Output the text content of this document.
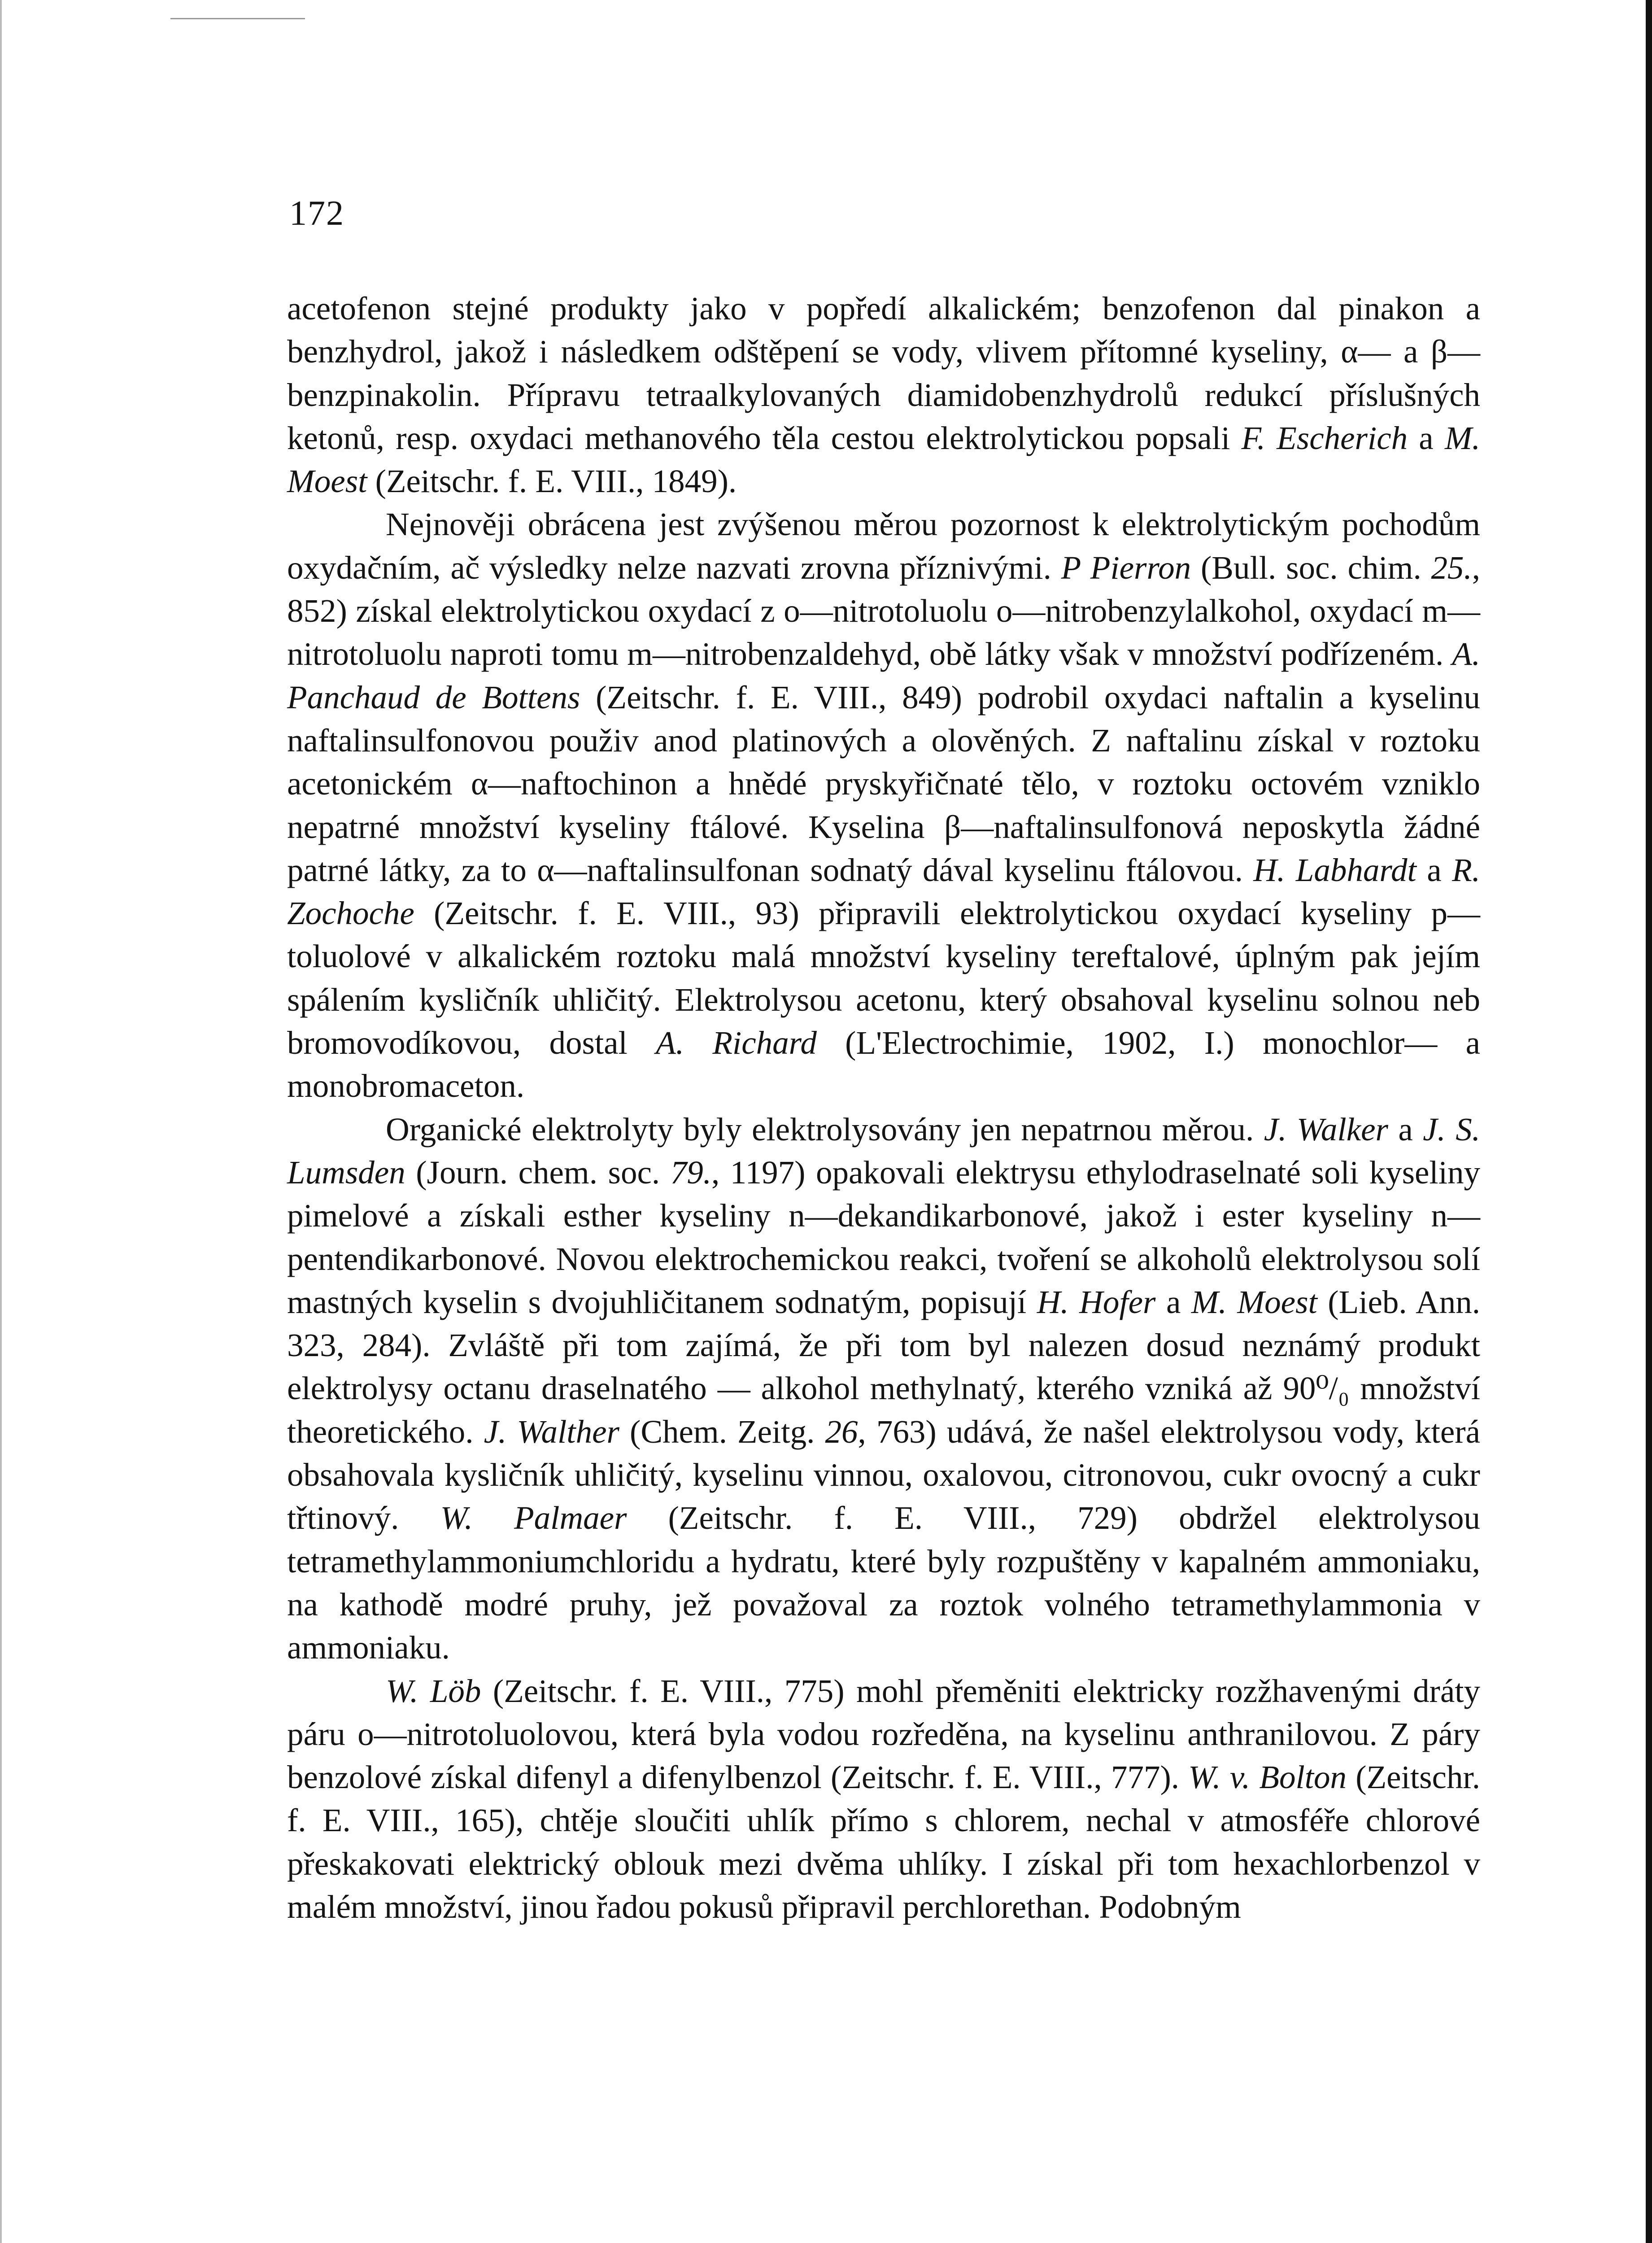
172

acetofenon stejné produkty jako v popředí alkalickém; benzofenon dal pinakon a benzhydrol, jakož i následkem odštěpení se vody, vlivem přítomné kyseliny, α— a β—benzpinakolin. Přípravu tetraalkylovaných diamidobenzhydrolů redukcí příslušných ketonů, resp. oxydaci methanového těla cestou elektrolytickou popsali F. Escherich a M. Moest (Zeitschr. f. E. VIII., 1849).

Nejnověji obrácena jest zvýšenou měrou pozornost k elektrolytickým pochodům oxydačním, ač výsledky nelze nazvati zrovna příznivými. P Pierron (Bull. soc. chim. 25., 852) získal elektrolytickou oxydací z o—nitrotoluolu o—nitrobenzylalkohol, oxydací m—nitrotoluolu naproti tomu m—nitrobenzaldehyd, obě látky však v množství podřízeném. A. Panchaud de Bottens (Zeitschr. f. E. VIII., 849) podrobil oxydaci naftalin a kyselinu naftalinsulfonovou použiv anod platinových a olověných. Z naftalinu získal v roztoku acetonickém α—naftochinon a hnědé pryskyřičnaté tělo, v roztoku octovém vzniklo nepatrné množství kyseliny ftálové. Kyselina β—naftalinsulfonová neposkytla žádné patrné látky, za to α—naftalinsulfonan sodnatý dával kyselinu ftálovou. H. Labhardt a R. Zochoche (Zeitschr. f. E. VIII., 93) připravili elektrolytickou oxydací kyseliny p—toluolové v alkalickém roztoku malá množství kyseliny tereftalové, úplným pak jejím spálením kysličník uhličitý. Elektrolysou acetonu, který obsahoval kyselinu solnou neb bromovodíkovou, dostal A. Richard (L'Electrochimie, 1902, I.) monochlor— a monobromaceton.

Organické elektrolyty byly elektrolysovány jen nepatrnou měrou. J. Walker a J. S. Lumsden (Journ. chem. soc. 79., 1197) opakovali elektrysu ethylodraselnaté soli kyseliny pimelové a získali esther kyseliny n—dekandikarbonové, jakož i ester kyseliny n—pentendikarbonové. Novou elektrochemickou reakci, tvoření se alkoholů elektrolysou solí mastných kyselin s dvojuhličitanem sodnatým, popisují H. Hofer a M. Moest (Lieb. Ann. 323, 284). Zvláště při tom zajímá, že při tom byl nalezen dosud neznámý produkt elektrolysy octanu draselnatého — alkohol methylnatý, kterého vzniká až 90⁰/₀ množství theoretického. J. Walther (Chem. Zeitg. 26, 763) udává, že našel elektrolysou vody, která obsahovala kysličník uhličitý, kyselinu vinnou, oxalovou, citronovou, cukr ovocný a cukr třtinový. W. Palmaer (Zeitschr. f. E. VIII., 729) obdržel elektrolysou tetramethylammoniumchloridu a hydratu, které byly rozpuštěny v kapalném ammoniaku, na kathodě modré pruhy, jež považoval za roztok volného tetramethylammonia v ammoniaku.

W. Löb (Zeitschr. f. E. VIII., 775) mohl přeměniti elektricky rozžhavenými dráty páru o—nitrotoluolovou, která byla vodou rozředěna, na kyselinu anthranilovou. Z páry benzolové získal difenyl a difenylbenzol (Zeitschr. f. E. VIII., 777). W. v. Bolton (Zeitschr. f. E. VIII., 165), chtěje sloučiti uhlík přímo s chlorem, nechal v atmosféře chlorové přeskakovati elektrický oblouk mezi dvěma uhlíky. I získal při tom hexachlorbenzol v malém množství, jinou řadou pokusů připravil perchlorethan. Podobným
